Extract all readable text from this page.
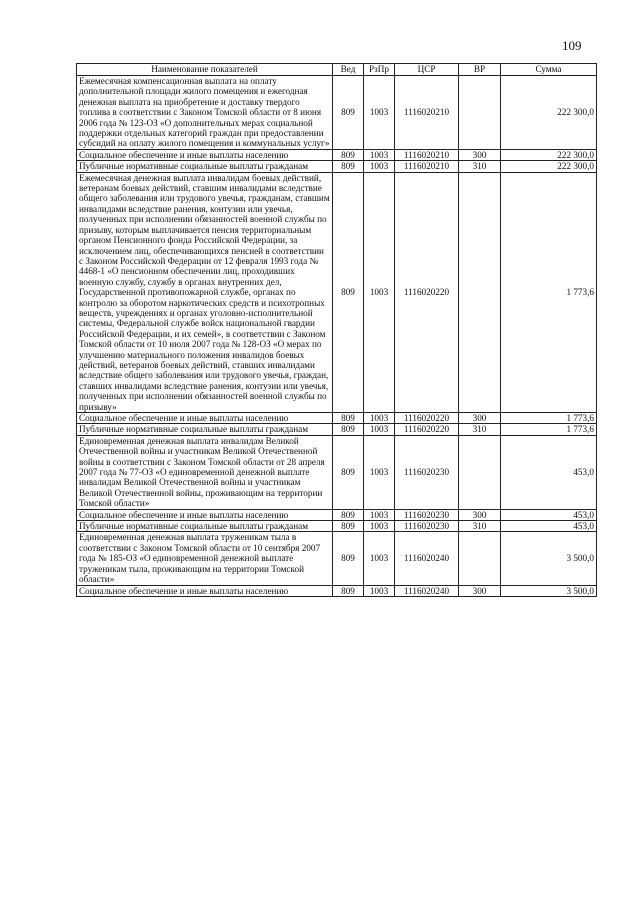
109
Наименование показателей	Вед	РзПр	ЦСР	ВР	Сумма
Ежемесячная компенсационная выплата на оплату дополнительной площади жилого помещения и ежегодная денежная выплата на приобретение и доставку твердого топлива в соответствии с Законом Томской области от 8 июня 2006 года № 123-ОЗ «О дополнительных мерах социальной поддержки отдельных категорий граждан при предоставлении субсидий на оплату жилого помещения и коммунальных услуг»	809	1003	1116020210		222 300,0
Социальное обеспечение и иные выплаты населению	809	1003	1116020210	300	222 300,0
Публичные нормативные социальные выплаты гражданам	809	1003	1116020210	310	222 300,0
Ежемесячная денежная выплата инвалидам боевых действий, ветеранам боевых действий, ставшим инвалидами вследствие общего заболевания или трудового увечья, гражданам, ставшим инвалидами вследствие ранения, контузии или увечья, полученных при исполнении обязанностей военной службы по призыву, которым выплачивается пенсия территориальным органом Пенсионного фонда Российской Федерации, за исключением лиц, обеспечивающихся пенсией в соответствии с Законом Российской Федерации от 12 февраля 1993 года № 4468-1 «О пенсионном обеспечении лиц, проходивших военную службу, службу в органах внутренних дел, Государственной противопожарной службе, органах по контролю за оборотом наркотических средств и психотропных веществ, учреждениях и органах уголовно-исполнительной системы, Федеральной службе войск национальной гвардии Российской Федерации, и их семей», в соответствии с Законом Томской области от 10 июля 2007 года № 128-ОЗ «О мерах по улучшению материального положения инвалидов боевых действий, ветеранов боевых действий, ставших инвалидами вследствие общего заболевания или трудового увечья, граждан, ставших инвалидами вследствие ранения, контузии или увечья, полученных при исполнении обязанностей военной службы по призыву»	809	1003	1116020220		1 773,6
Социальное обеспечение и иные выплаты населению	809	1003	1116020220	300	1 773,6
Публичные нормативные социальные выплаты гражданам	809	1003	1116020220	310	1 773,6
Единовременная денежная выплата инвалидам Великой Отечественной войны и участникам Великой Отечественной войны в соответствии с Законом Томской области от 28 апреля 2007 года № 77-ОЗ «О единовременной денежной выплате инвалидам Великой Отечественной войны и участникам Великой Отечественной войны, проживающим на территории Томской области»	809	1003	1116020230		453,0
Социальное обеспечение и иные выплаты населению	809	1003	1116020230	300	453,0
Публичные нормативные социальные выплаты гражданам	809	1003	1116020230	310	453,0
Единовременная денежная выплата труженикам тыла в соответствии с Законом Томской области от 10 сентября 2007 года № 185-ОЗ «О единовременной денежной выплате труженикам тыла, проживающим на территории Томской области»	809	1003	1116020240		3 500,0
Социальное обеспечение и иные выплаты населению	809	1003	1116020240	300	3 500,0
